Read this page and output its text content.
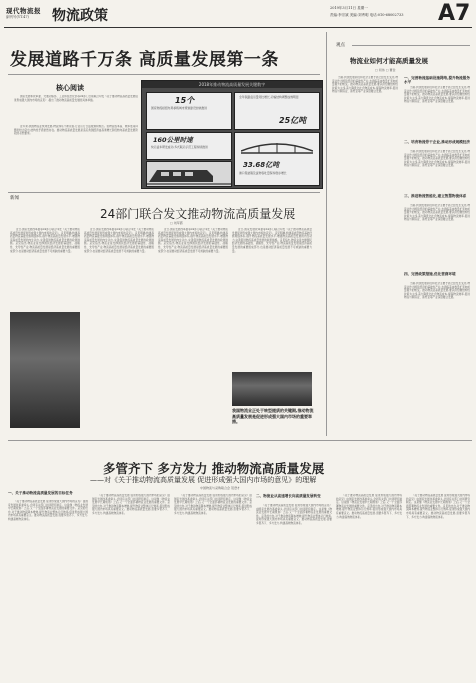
现代物流报
副刊号(YT.47) 物流政策	2019年3月11日 星期一
责编:李宗斌 美编:刘秀明 电话:010-68002733 A7
发展道路千万条 高质量发展第一条
核心阅读
国家发展和改革委、交通运输部、工业和信息化部等24部门日前联合印发《关于推动物流高质量发展促进形成强大国内市场的意见》,提出了推动物流高质量发展的具体举措。
近年来,我国物流业快速发展,物流体系不断完善,行业运行日益成熟和规范。但物流成本高、效率低等问题仍较为突出,结构性矛盾依然存在。推动物流高质量发展是适应我国经济由高速增长阶段转向高质量发展阶段的必然要求。
2018年推动物流高质量发展关键数字
15个
国家物流枢纽布局承载城市规划建设加快推进
全年铁路货运量同比增长,运输结构调整成效明显
25亿吨
160公里时速
快运货车研发成功,多式联运示范工程持续推进
33.68亿吨
港口集装箱及货物吞吐量保持稳步增长
新闻
24部门联合发文推动物流高质量发展
□ 刘军霞
近日,国家发展改革委等24部门联合印发《关于推动物流高质量发展促进形成强大国内市场的意见》。意见明确,构建高质量物流基础设施网络体系,提升物流高质量发展水平,增强物流高质量发展的内生动力,完善促进物流高质量发展的政策措施。意见指出,物流业是支撑国民经济发展的基础性、战略性、先导性产业,物流高质量发展是经济高质量发展的重要组成部分,也是推动经济高质量发展不可或缺的重要力量。
近日,国家发展改革委等24部门联合印发《关于推动物流高质量发展促进形成强大国内市场的意见》。意见明确,构建高质量物流基础设施网络体系,提升物流高质量发展水平,增强物流高质量发展的内生动力,完善促进物流高质量发展的政策措施。意见指出,物流业是支撑国民经济发展的基础性、战略性、先导性产业,物流高质量发展是经济高质量发展的重要组成部分,也是推动经济高质量发展不可或缺的重要力量。
近日,国家发展改革委等24部门联合印发《关于推动物流高质量发展促进形成强大国内市场的意见》。意见明确,构建高质量物流基础设施网络体系,提升物流高质量发展水平,增强物流高质量发展的内生动力,完善促进物流高质量发展的政策措施。意见指出,物流业是支撑国民经济发展的基础性、战略性、先导性产业,物流高质量发展是经济高质量发展的重要组成部分,也是推动经济高质量发展不可或缺的重要力量。
近日,国家发展改革委等24部门联合印发《关于推动物流高质量发展促进形成强大国内市场的意见》。意见明确,构建高质量物流基础设施网络体系,提升物流高质量发展水平,增强物流高质量发展的内生动力,完善促进物流高质量发展的政策措施。意见指出,物流业是支撑国民经济发展的基础性、战略性、先导性产业,物流高质量发展是经济高质量发展的重要组成部分,也是推动经济高质量发展不可或缺的重要力量。
我国物流业正处于转型提质的关键期,推动物流高质量发展是促进形成强大国内市场的重要举措。
多管齐下 多方发力 推动物流高质量发展
——对《关于推动物流高质量发展 促进形成强大国内市场的意见》的理解
中国物流与采购联合会 贺登才
一、关于推动物流高质量发展的目标任务
《关于推动物流高质量发展 促进形成强大国内市场的意见》由国家发展改革委牵头,会同有关部门共同研究制定。这是继《物流业发展中长期规划》之后,又一个全面部署物流业发展的重要文件。意见的出台,对于推动物流降本增效,提升物流业整体运行效率,促进形成强大国内市场具有重要意义。推动物流高质量发展,需要多管齐下、多方发力,构建高效物流体系。
《关于推动物流高质量发展 促进形成强大国内市场的意见》由国家发展改革委牵头,会同有关部门共同研究制定。这是继《物流业发展中长期规划》之后,又一个全面部署物流业发展的重要文件。意见的出台,对于推动物流降本增效,提升物流业整体运行效率,促进形成强大国内市场具有重要意义。推动物流高质量发展,需要多管齐下、多方发力,构建高效物流体系。
《关于推动物流高质量发展 促进形成强大国内市场的意见》由国家发展改革委牵头,会同有关部门共同研究制定。这是继《物流业发展中长期规划》之后,又一个全面部署物流业发展的重要文件。意见的出台,对于推动物流降本增效,提升物流业整体运行效率,促进形成强大国内市场具有重要意义。推动物流高质量发展,需要多管齐下、多方发力,构建高效物流体系。
二、物流业从高速增长向高质量发展转变
《关于推动物流高质量发展 促进形成强大国内市场的意见》由国家发展改革委牵头,会同有关部门共同研究制定。这是继《物流业发展中长期规划》之后,又一个全面部署物流业发展的重要文件。意见的出台,对于推动物流降本增效,提升物流业整体运行效率,促进形成强大国内市场具有重要意义。推动物流高质量发展,需要多管齐下、多方发力,构建高效物流体系。
《关于推动物流高质量发展 促进形成强大国内市场的意见》由国家发展改革委牵头,会同有关部门共同研究制定。这是继《物流业发展中长期规划》之后,又一个全面部署物流业发展的重要文件。意见的出台,对于推动物流降本增效,提升物流业整体运行效率,促进形成强大国内市场具有重要意义。推动物流高质量发展,需要多管齐下、多方发力,构建高效物流体系。
《关于推动物流高质量发展 促进形成强大国内市场的意见》由国家发展改革委牵头,会同有关部门共同研究制定。这是继《物流业发展中长期规划》之后,又一个全面部署物流业发展的重要文件。意见的出台,对于推动物流降本增效,提升物流业整体运行效率,促进形成强大国内市场具有重要意义。推动物流高质量发展,需要多管齐下、多方发力,构建高效物流体系。
观点
物流业如何才能高质量发展
□ 何伟 □ 曹金
当前,我国发展阶段和社会主要矛盾已经发生变化,物流业作为国民经济的基础性产业,也面临着由数量扩张向质量提升的转变。推动物流业高质量发展,要以供给侧结构性改革为主线,着力降低全社会物流成本,提高物流效率,促进物流与制造业、商贸业等产业深度融合发展。
一、完善物流基础设施网络,提升物流服务水平
当前,我国发展阶段和社会主要矛盾已经发生变化,物流业作为国民经济的基础性产业,也面临着由数量扩张向质量提升的转变。推动物流业高质量发展,要以供给侧结构性改革为主线,着力降低全社会物流成本,提高物流效率,促进物流与制造业、商贸业等产业深度融合发展。
二、培育物流骨干企业,推动形成规模经济
当前,我国发展阶段和社会主要矛盾已经发生变化,物流业作为国民经济的基础性产业,也面临着由数量扩张向质量提升的转变。推动物流业高质量发展,要以供给侧结构性改革为主线,着力降低全社会物流成本,提高物流效率,促进物流与制造业、商贸业等产业深度融合发展。
三、推进物流智能化,建立智慧物流体系
当前,我国发展阶段和社会主要矛盾已经发生变化,物流业作为国民经济的基础性产业,也面临着由数量扩张向质量提升的转变。推动物流业高质量发展,要以供给侧结构性改革为主线,着力降低全社会物流成本,提高物流效率,促进物流与制造业、商贸业等产业深度融合发展。
四、完善政策措施,优化营商环境
当前,我国发展阶段和社会主要矛盾已经发生变化,物流业作为国民经济的基础性产业,也面临着由数量扩张向质量提升的转变。推动物流业高质量发展,要以供给侧结构性改革为主线,着力降低全社会物流成本,提高物流效率,促进物流与制造业、商贸业等产业深度融合发展。
